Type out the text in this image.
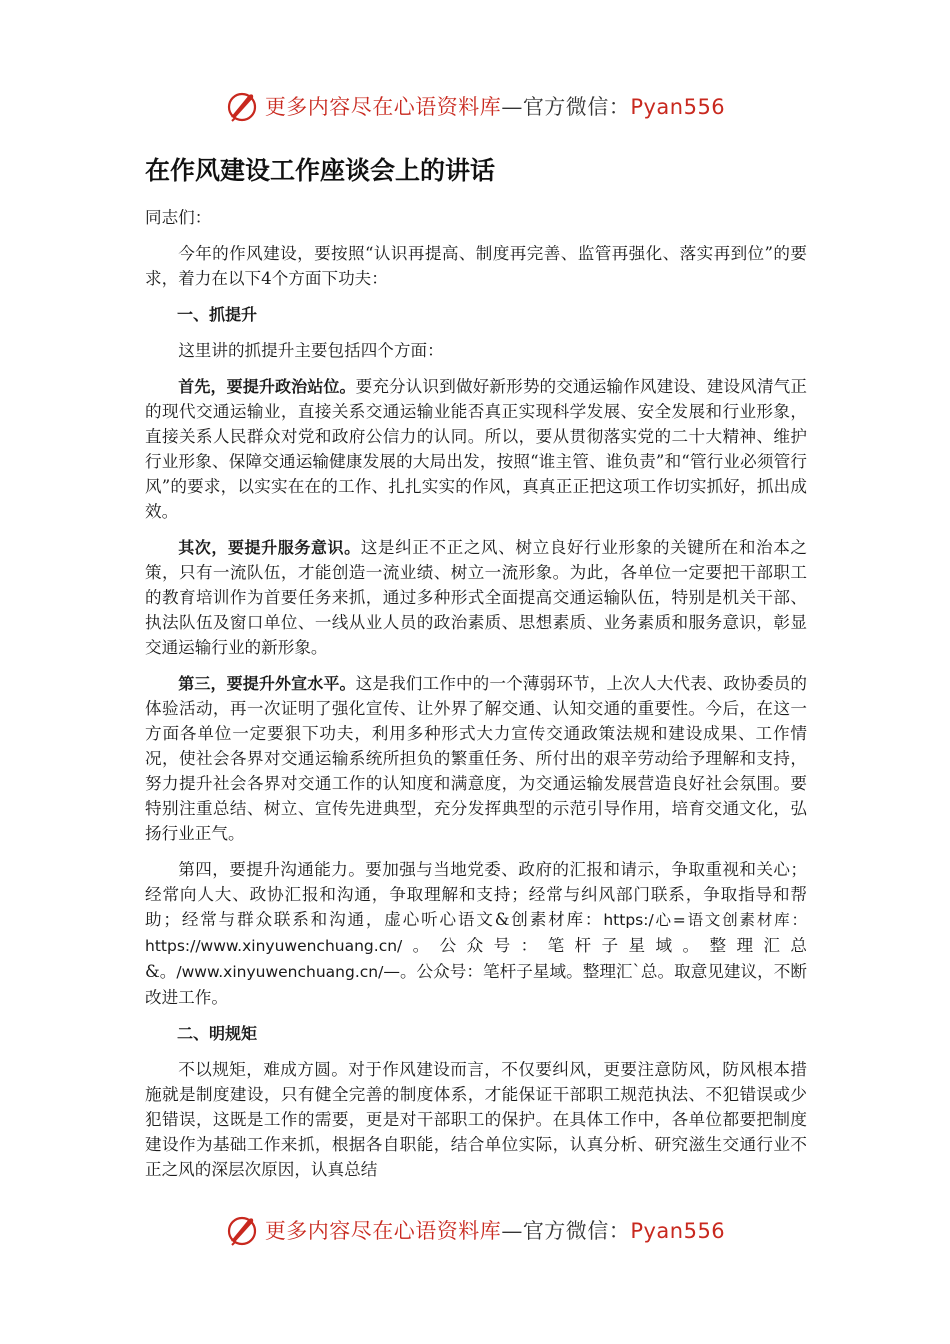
更多内容尽在心语资料库—官方微信：Pyan556
在作风建设工作座谈会上的讲话

同志们：

今年的作风建设，要按照“认识再提高、制度再完善、监管再强化、落实再到位”的要求，着力在以下4个方面下功夫：

一、抓提升

这里讲的抓提升主要包括四个方面：

首先，要提升政治站位。要充分认识到做好新形势的交通运输作风建设、建设风清气正的现代交通运输业，直接关系交通运输业能否真正实现科学发展、安全发展和行业形象，直接关系人民群众对党和政府公信力的认同。所以，要从贯彻落实党的二十大精神、维护行业形象、保障交通运输健康发展的大局出发，按照“谁主管、谁负责”和“管行业必须管行风”的要求，以实实在在的工作、扎扎实实的作风，真真正正把这项工作切实抓好，抓出成效。

其次，要提升服务意识。这是纠正不正之风、树立良好行业形象的关键所在和治本之策，只有一流队伍，才能创造一流业绩、树立一流形象。为此，各单位一定要把干部职工的教育培训作为首要任务来抓，通过多种形式全面提高交通运输队伍，特别是机关干部、执法队伍及窗口单位、一线从业人员的政治素质、思想素质、业务素质和服务意识，彰显交通运输行业的新形象。

第三，要提升外宣水平。这是我们工作中的一个薄弱环节，上次人大代表、政协委员的体验活动，再一次证明了强化宣传、让外界了解交通、认知交通的重要性。今后，在这一方面各单位一定要狠下功夫，利用多种形式大力宣传交通政策法规和建设成果、工作情况，使社会各界对交通运输系统所担负的繁重任务、所付出的艰辛劳动给予理解和支持，努力提升社会各界对交通工作的认知度和满意度，为交通运输发展营造良好社会氛围。要特别注重总结、树立、宣传先进典型，充分发挥典型的示范引导作用，培育交通文化，弘扬行业正气。

第四，要提升沟通能力。要加强与当地党委、政府的汇报和请示，争取重视和关心；经常向人大、政协汇报和沟通，争取理解和支持；经常与纠风部门联系，争取指导和帮助；经常与群众联系和沟通，虚心听心语文&创素材库：https:/心=语文创素材库：https://www.xinyuwenchuang.cn/。公众号：笔杆子星域。整理汇总&。/www.xinyuwenchuang.cn/—。公众号：笔杆子星域。整理汇`总。取意见建议，不断改进工作。

二、明规矩

不以规矩，难成方圆。对于作风建设而言，不仅要纠风，更要注意防风，防风根本措施就是制度建设，只有健全完善的制度体系，才能保证干部职工规范执法、不犯错误或少犯错误，这既是工作的需要，更是对干部职工的保护。在具体工作中，各单位都要把制度建设作为基础工作来抓，根据各自职能，结合单位实际，认真分析、研究滋生交通行业不正之风的深层次原因，认真总结

更多内容尽在心语资料库—官方微信：Pyan556
